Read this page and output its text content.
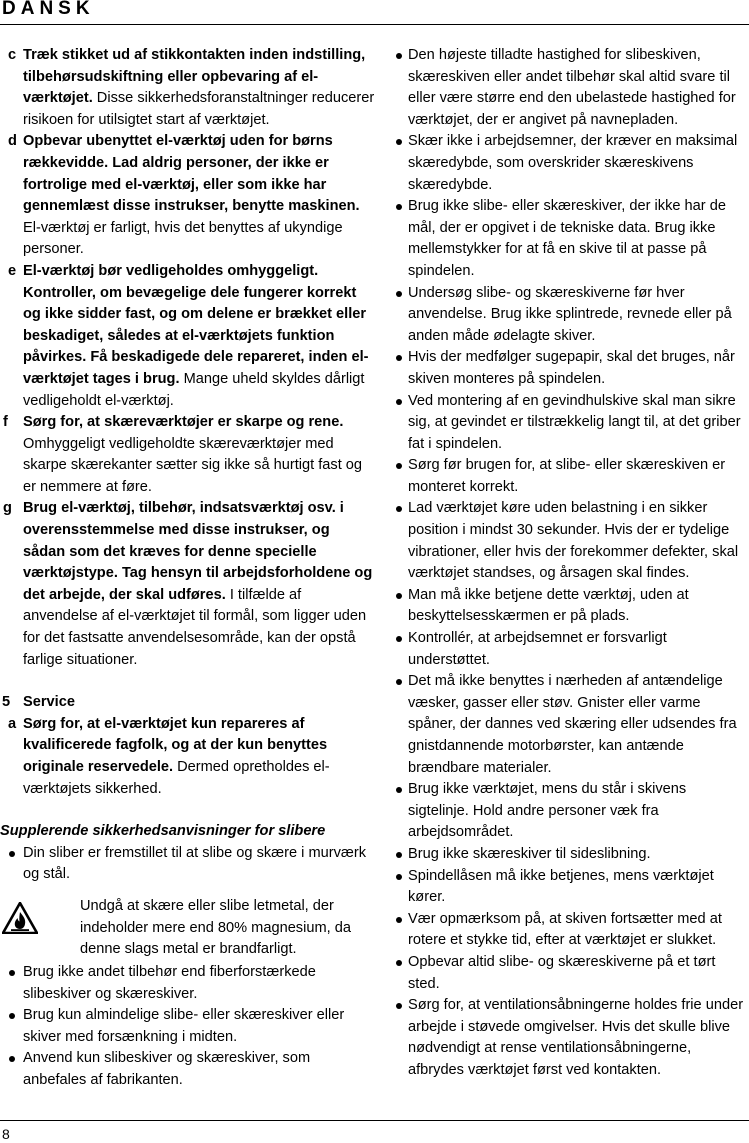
DANSK
c Træk stikket ud af stikkontakten inden indstilling, tilbehørsudskiftning eller opbevaring af el-værktøjet. Disse sikkerhedsforanstaltninger reducerer risikoen for utilsigtet start af værktøjet.
d Opbevar ubenyttet el-værktøj uden for børns rækkevidde. Lad aldrig personer, der ikke er fortrolige med el-værktøj, eller som ikke har gennemlæst disse instrukser, benytte maskinen. El-værktøj er farligt, hvis det benyttes af ukyndige personer.
e El-værktøj bør vedligeholdes omhyggeligt. Kontroller, om bevægelige dele fungerer korrekt og ikke sidder fast, og om delene er brækket eller beskadiget, således at el-værktøjets funktion påvirkes. Få beskadigede dele repareret, inden el-værktøjet tages i brug. Mange uheld skyldes dårligt vedligeholdt el-værktøj.
f Sørg for, at skæreværktøjer er skarpe og rene. Omhyggeligt vedligeholdte skæreværktøjer med skarpe skærekanter sætter sig ikke så hurtigt fast og er nemmere at føre.
g Brug el-værktøj, tilbehør, indsatsværktøj osv. i overensstemmelse med disse instrukser, og sådan som det kræves for denne specielle værktøjstype. Tag hensyn til arbejdsforholdene og det arbejde, der skal udføres. I tilfælde af anvendelse af el-værktøjet til formål, som ligger uden for det fastsatte anvendelsesområde, kan der opstå farlige situationer.
5 Service
a Sørg for, at el-værktøjet kun repareres af kvalificerede fagfolk, og at der kun benyttes originale reservedele. Dermed opretholdes el-værktøjets sikkerhed.
Supplerende sikkerhedsanvisninger for slibere
Din sliber er fremstillet til at slibe og skære i murværk og stål.
Undgå at skære eller slibe letmetal, der indeholder mere end 80% magnesium, da denne slags metal er brandfarligt.
Brug ikke andet tilbehør end fiberforstærkede slibeskiver og skæreskiver.
Brug kun almindelige slibe- eller skæreskiver eller skiver med forsænkning i midten.
Anvend kun slibeskiver og skæreskiver, som anbefales af fabrikanten.
Den højeste tilladte hastighed for slibeskiven, skæreskiven eller andet tilbehør skal altid svare til eller være større end den ubelastede hastighed for værktøjet, der er angivet på navnepladen.
Skær ikke i arbejdsemner, der kræver en maksimal skæredybde, som overskrider skæreskivens skæredybde.
Brug ikke slibe- eller skæreskiver, der ikke har de mål, der er opgivet i de tekniske data. Brug ikke mellemstykker for at få en skive til at passe på spindelen.
Undersøg slibe- og skæreskiverne før hver anvendelse. Brug ikke splintrede, revnede eller på anden måde ødelagte skiver.
Hvis der medfølger sugepapir, skal det bruges, når skiven monteres på spindelen.
Ved montering af en gevindhulskive skal man sikre sig, at gevindet er tilstrækkelig langt til, at det griber fat i spindelen.
Sørg før brugen for, at slibe- eller skæreskiven er monteret korrekt.
Lad værktøjet køre uden belastning i en sikker position i mindst 30 sekunder. Hvis der er tydelige vibrationer, eller hvis der forekommer defekter, skal værktøjet standses, og årsagen skal findes.
Man må ikke betjene dette værktøj, uden at beskyttelsesskærmen er på plads.
Kontrollér, at arbejdsemnet er forsvarligt understøttet.
Det må ikke benyttes i nærheden af antændelige væsker, gasser eller støv. Gnister eller varme spåner, der dannes ved skæring eller udsendes fra gnistdannende motorbørster, kan antænde brændbare materialer.
Brug ikke værktøjet, mens du står i skivens sigtelinje. Hold andre personer væk fra arbejdsområdet.
Brug ikke skæreskiver til sideslibning.
Spindellåsen må ikke betjenes, mens værktøjet kører.
Vær opmærksom på, at skiven fortsætter med at rotere et stykke tid, efter at værktøjet er slukket.
Opbevar altid slibe- og skæreskiverne på et tørt sted.
Sørg for, at ventilationsåbningerne holdes frie under arbejde i støvede omgivelser. Hvis det skulle blive nødvendigt at rense ventilationsåbningerne, afbrydes værktøjet først ved kontakten.
8
